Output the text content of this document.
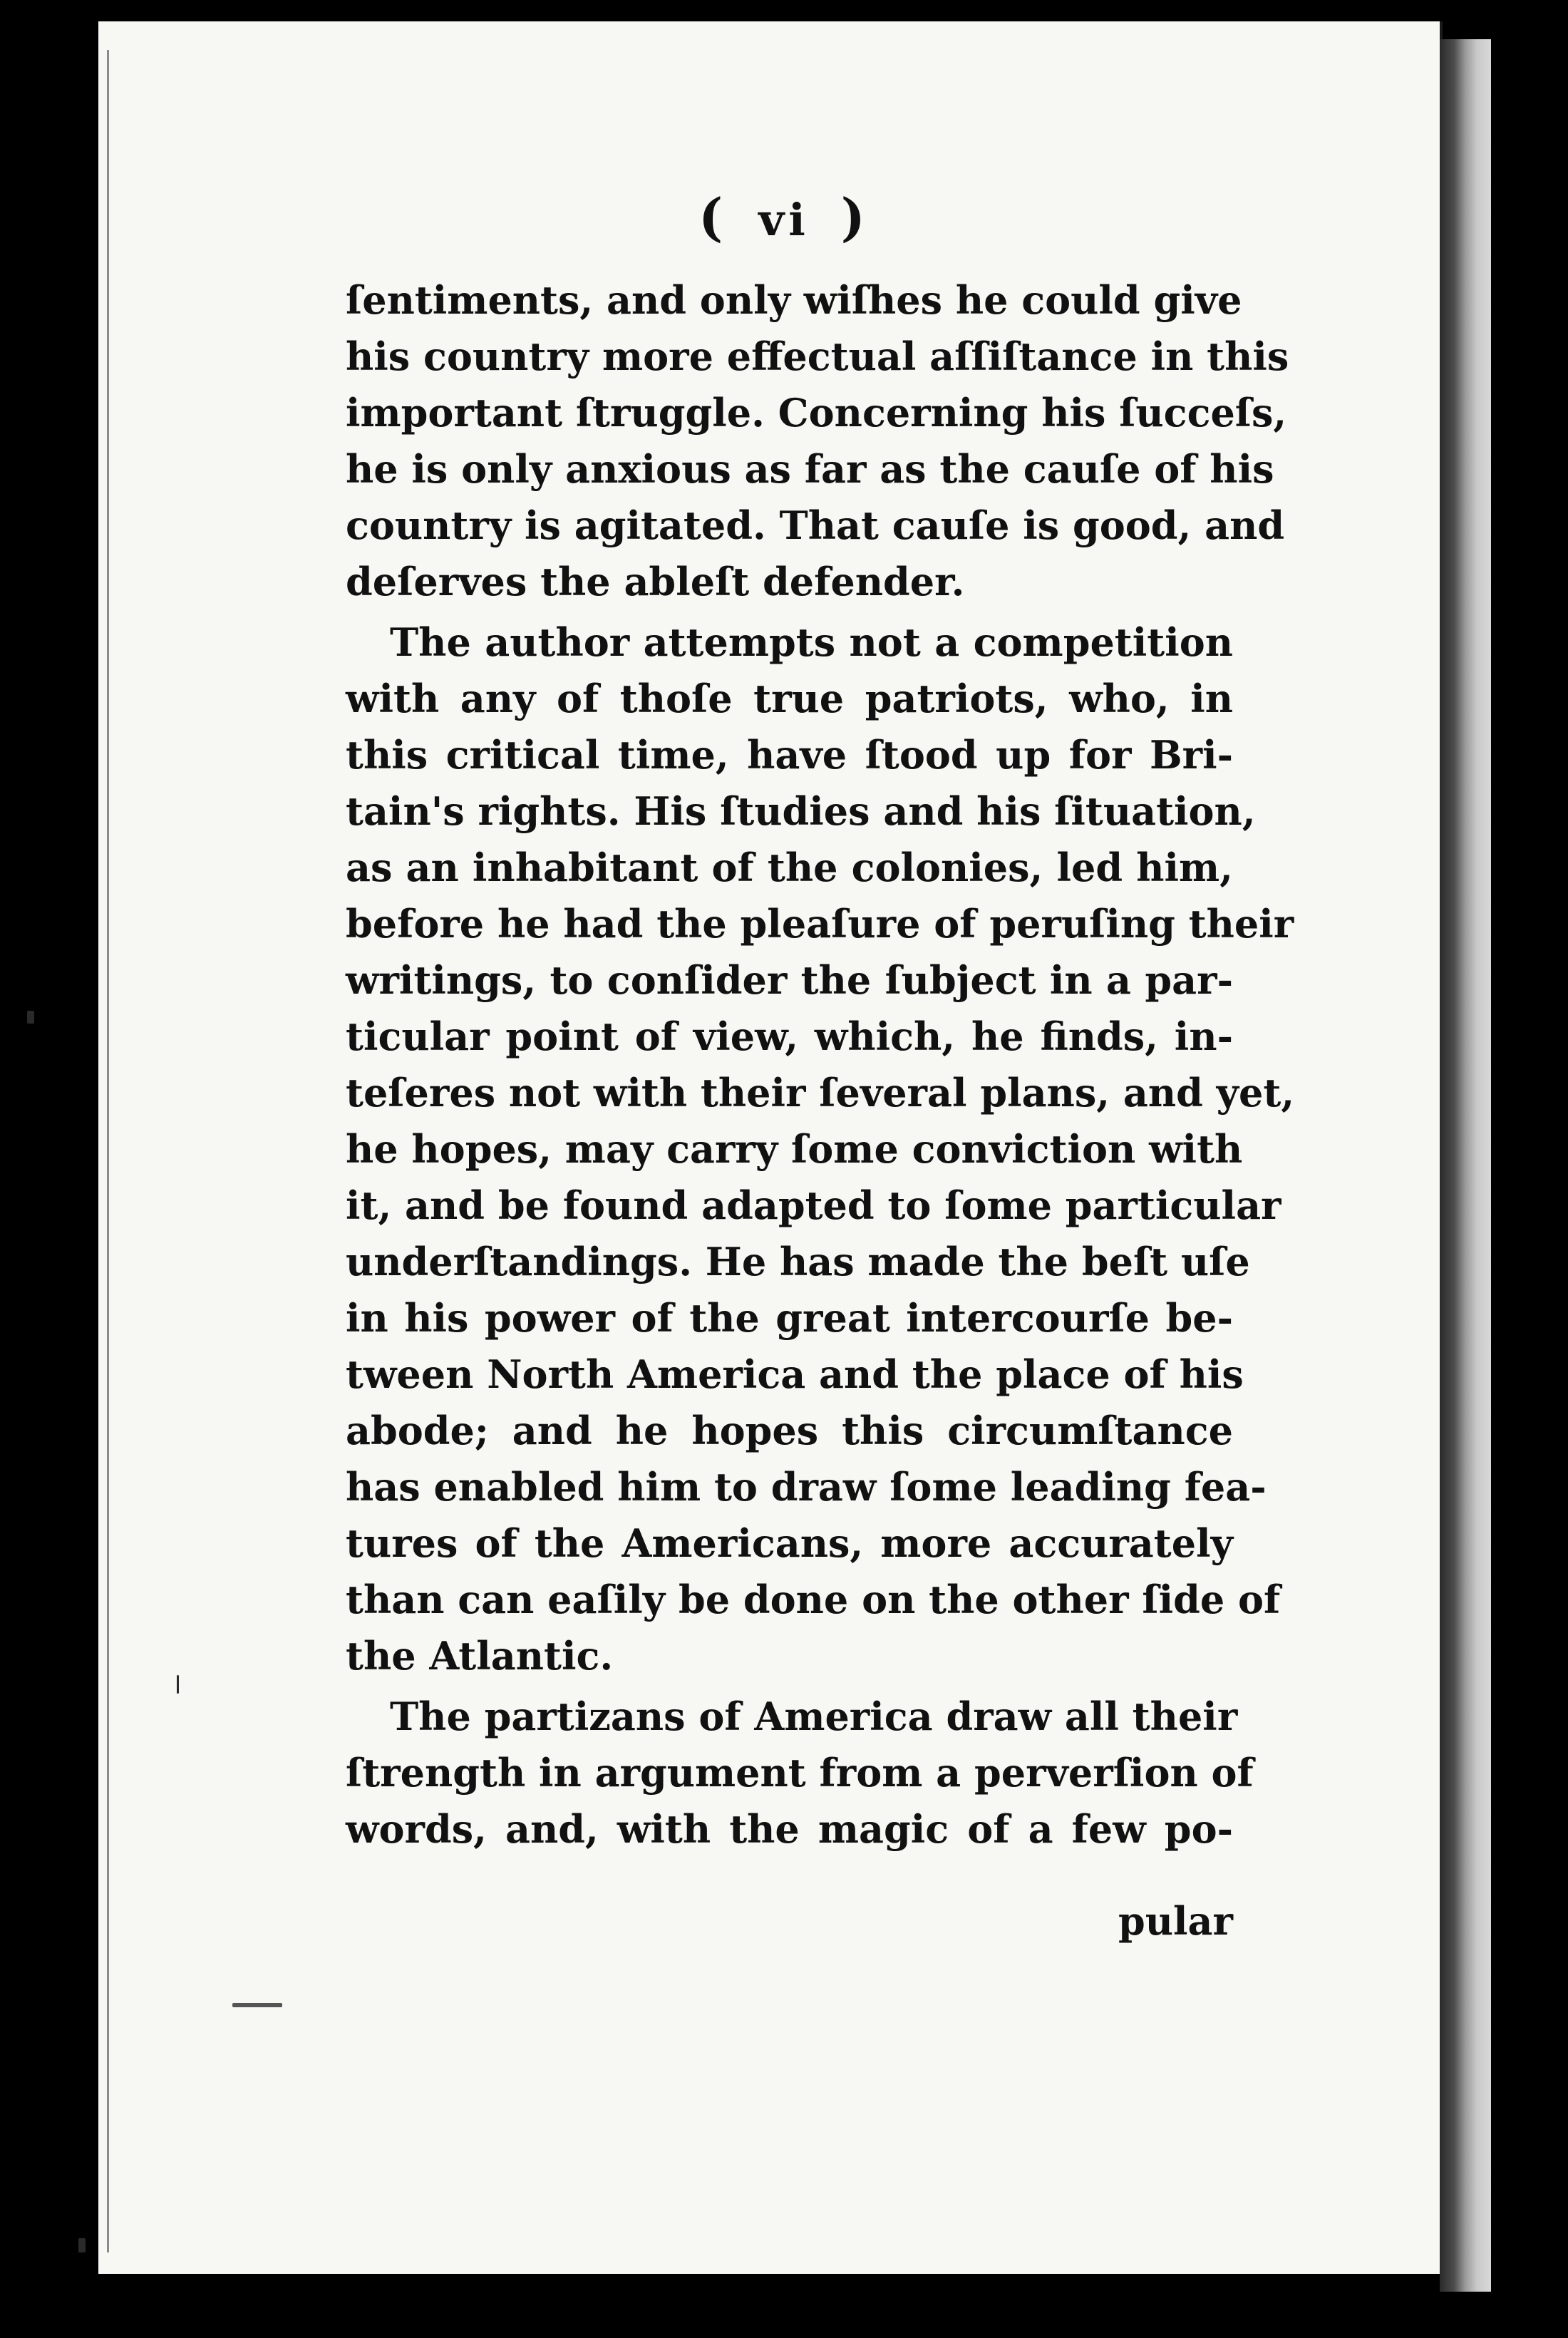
( vi )
ſentiments, and only wiſhes he could give
his country more effectual aſſiſtance in this
important ſtruggle. Concerning his ſucceſs,
he is only anxious as far as the cauſe of his
country is agitated. That cauſe is good, and
deſerves the ableſt defender.
The author attempts not a competition
with any of thoſe true patriots, who, in
this critical time, have ſtood up for Bri-
tain's rights. His ſtudies and his ſituation,
as an inhabitant of the colonies, led him,
before he had the pleaſure of peruſing their
writings, to conſider the ſubject in a par-
ticular point of view, which, he finds, in-
teſeres not with their ſeveral plans, and yet,
he hopes, may carry ſome conviction with
it, and be found adapted to ſome particular
underſtandings. He has made the beſt uſe
in his power of the great intercourſe be-
tween North America and the place of his
abode; and he hopes this circumſtance
has enabled him to draw ſome leading fea-
tures of the Americans, more accurately
than can eaſily be done on the other ſide of
the Atlantic.
The partizans of America draw all their
ſtrength in argument from a perverſion of
words, and, with the magic of a few po-
pular
